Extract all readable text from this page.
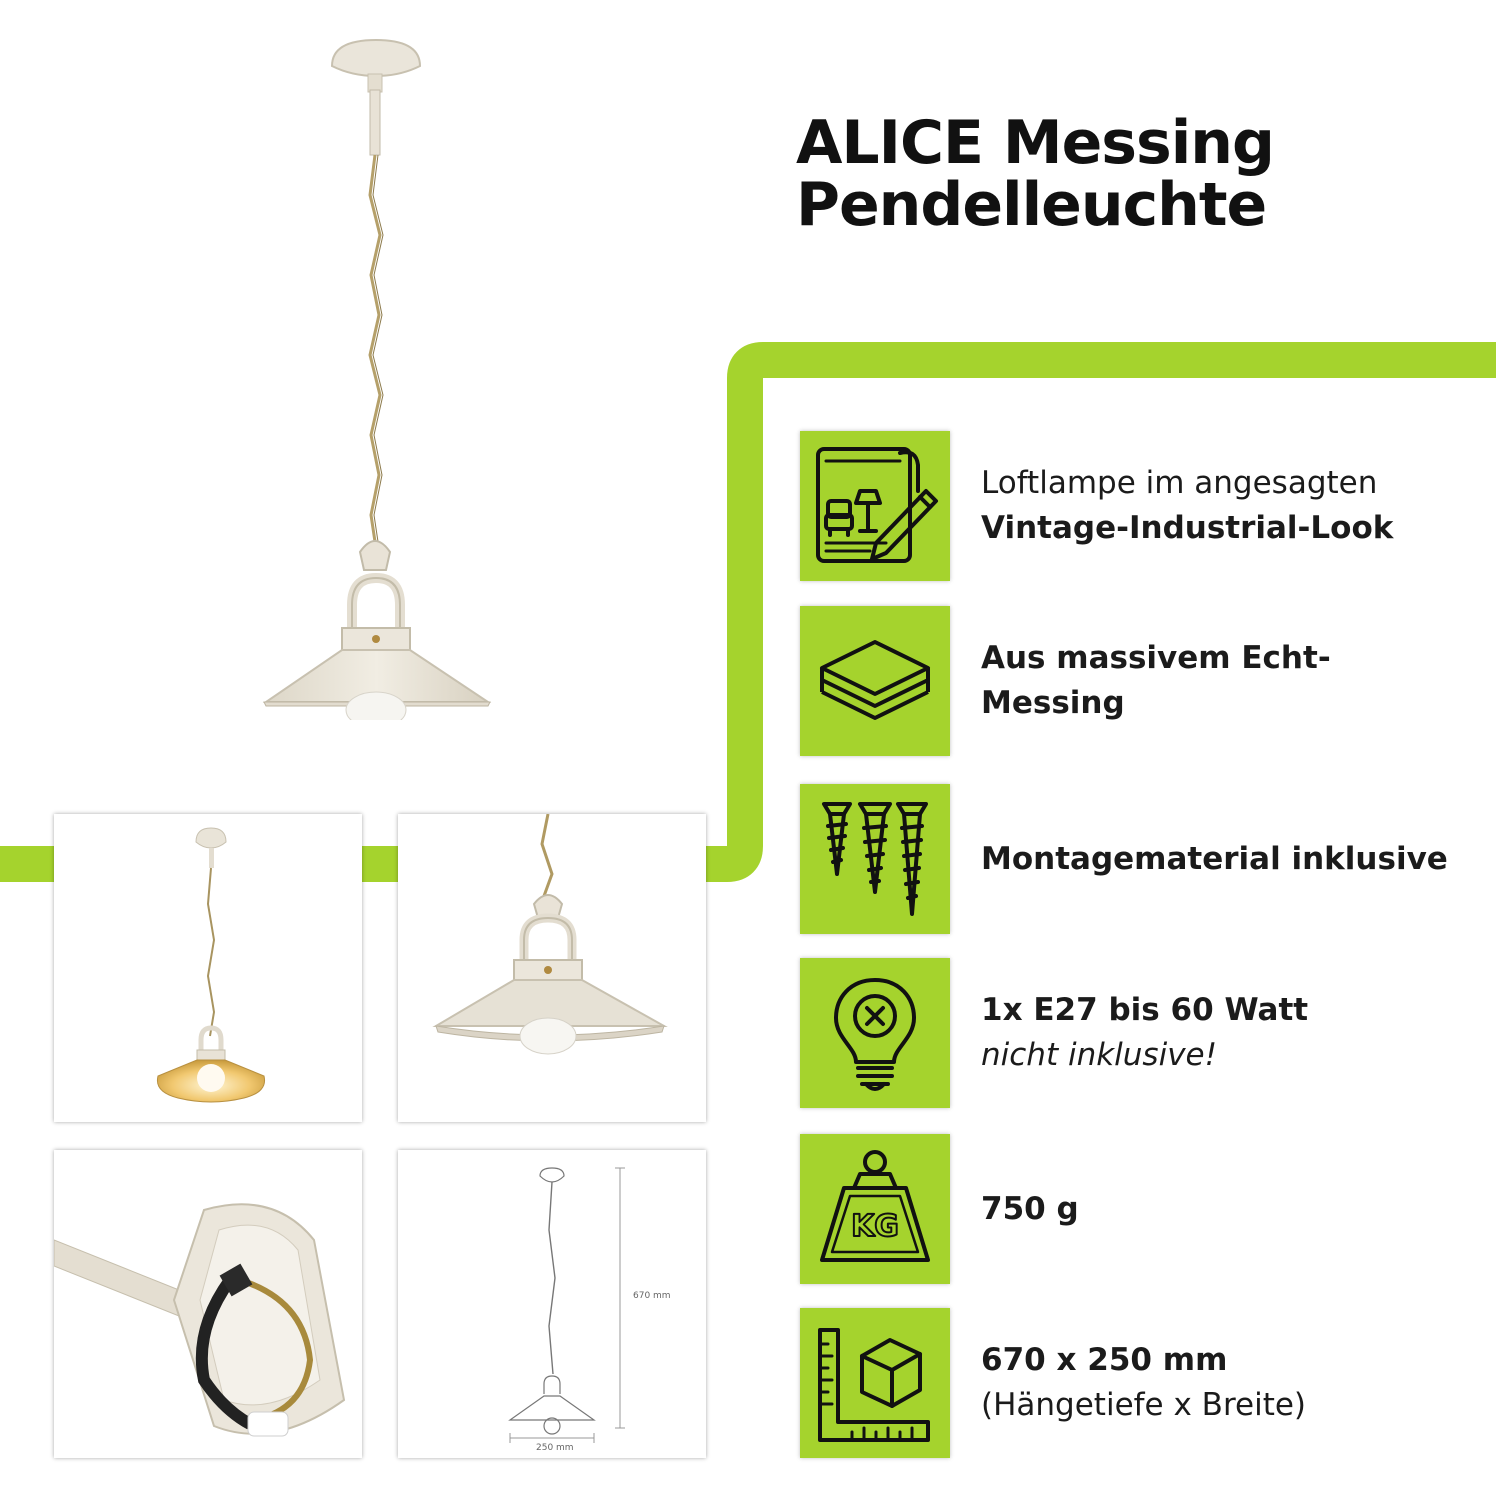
ALICE Messing
Pendelleuchte
670 mm
250 mm
Loftlampe im angesagten
Vintage-Industrial-Look
Aus massivem Echt-
Messing
Montagematerial inklusive
1x E27 bis 60 Watt
nicht inklusive!
KG	750 g
670 x 250 mm
(Hängetiefe x Breite)
